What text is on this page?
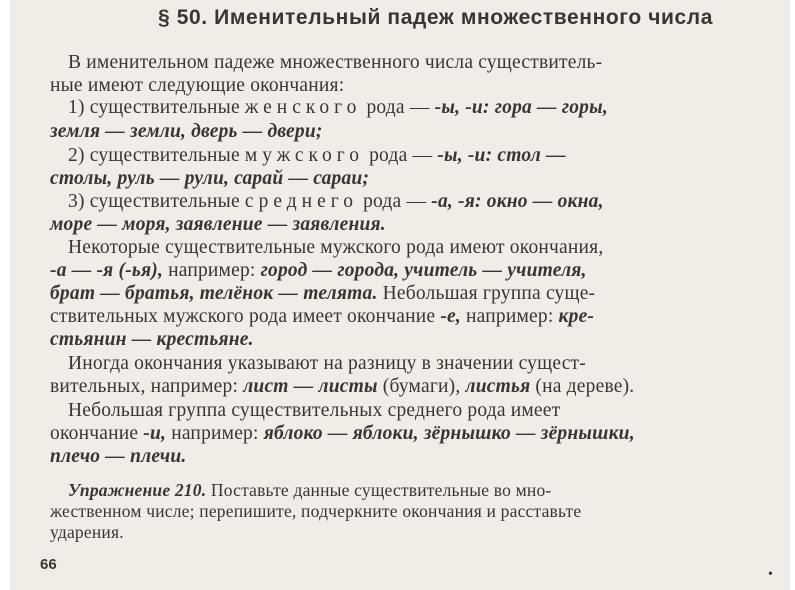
§ 50. Именительный падеж множественного числа
В именительном падеже множественного числа существитель-
ные имеют следующие окончания:
1) существительные женского рода — -ы, -и: гора — горы,
земля — земли, дверь — двери;
2) существительные мужского рода — -ы, -и: стол —
столы, руль — рули, сарай — сараи;
3) существительные среднего рода — -а, -я: окно — окна,
море — моря, заявление — заявления.
Некоторые существительные мужского рода имеют окончания,
-а — -я (-ья), например: город — города, учитель — учителя,
брат — братья, телёнок — телята. Небольшая группа суще-
ствительных мужского рода имеет окончание -е, например: кре-
стьянин — крестьяне.
Иногда окончания указывают на разницу в значении сущест-
вительных, например: лист — листы (бумаги), листья (на дереве).
Небольшая группа существительных среднего рода имеет
окончание -и, например: яблоко — яблоки, зёрнышко — зёрнышки,
плечо — плечи.
Упражнение 210. Поставьте данные существительные во мно-
жественном числе; перепишите, подчеркните окончания и расставьте
ударения.
66
•
